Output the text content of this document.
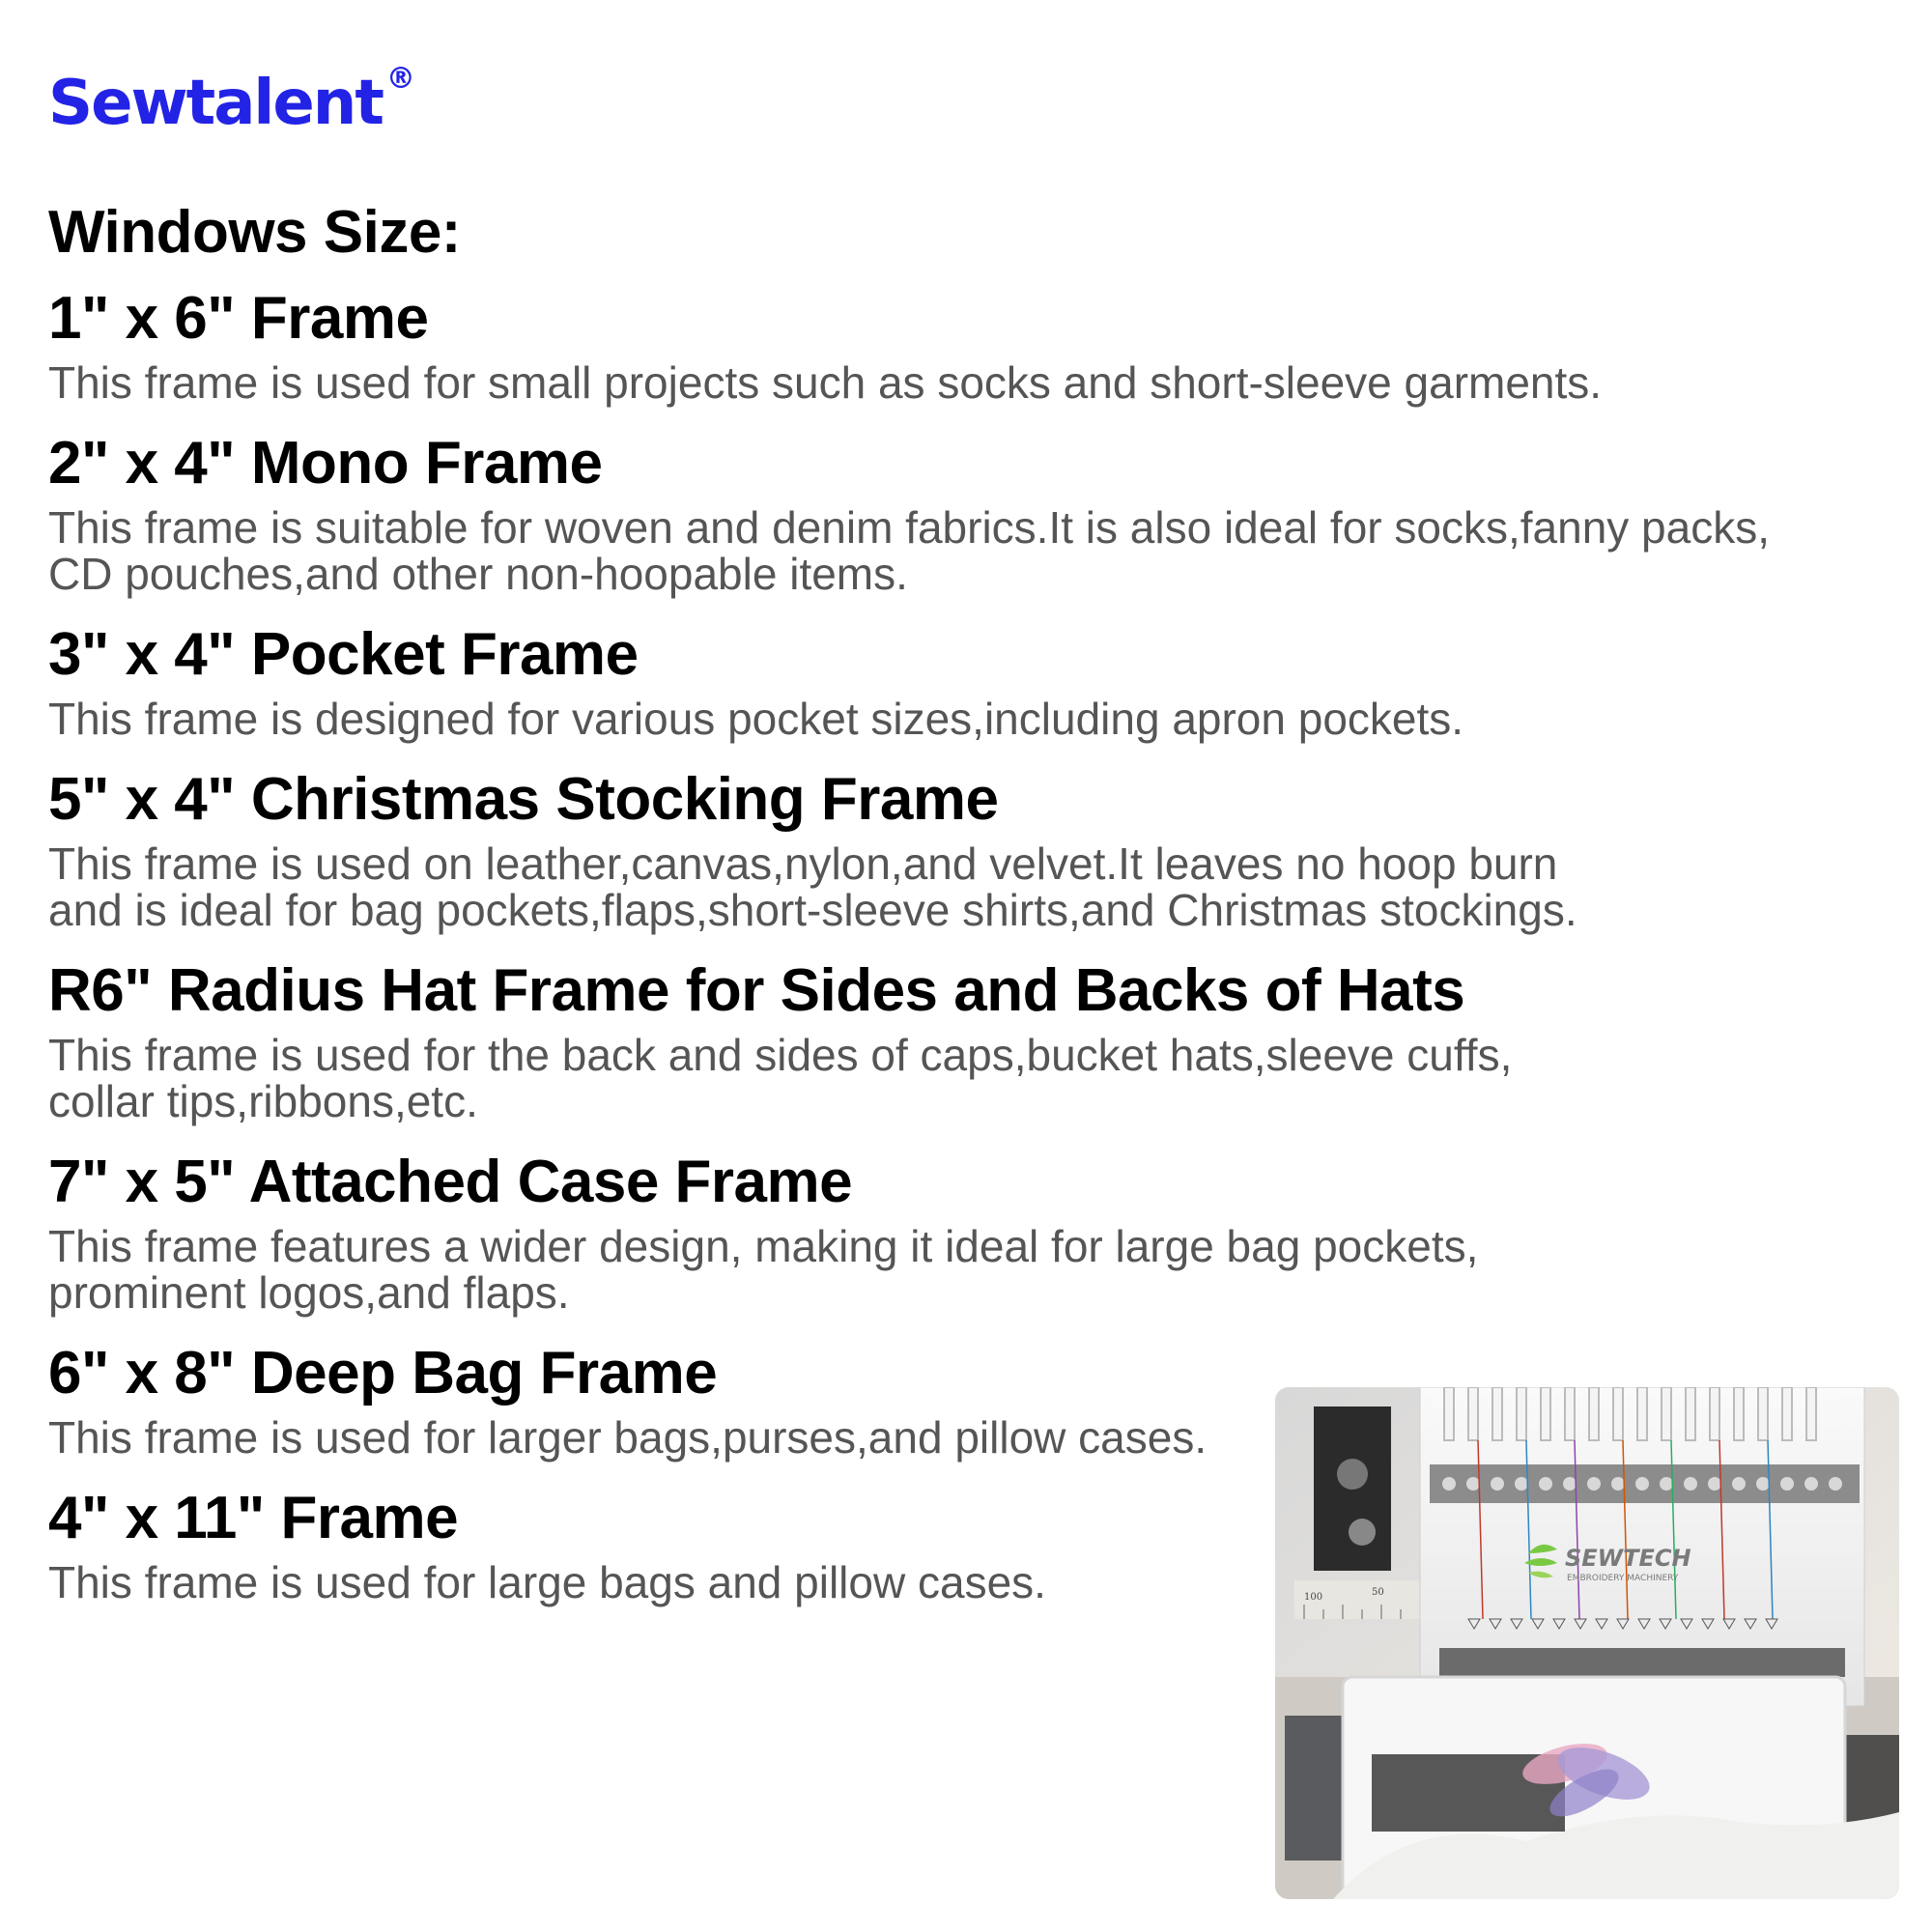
Sewtalent ®
Windows Size:
1" x 6" Frame
This frame is used for small projects such as socks and short-sleeve garments.
2" x 4" Mono Frame
This frame is suitable for woven and denim fabrics.It is also ideal for socks,fanny packs,
CD pouches,and other non-hoopable items.
3" x 4" Pocket Frame
This frame is designed for various pocket sizes,including apron pockets.
5" x 4" Christmas Stocking Frame
This frame is used on leather,canvas,nylon,and velvet.It leaves no hoop burn
and is ideal for bag pockets,flaps,short-sleeve shirts,and Christmas stockings.
R6" Radius Hat Frame for Sides and Backs of Hats
This frame is used for the back and sides of caps,bucket hats,sleeve cuffs,
collar tips,ribbons,etc.
7" x 5" Attached Case Frame
This frame features a wider design, making it ideal for large bag pockets,
prominent logos,and flaps.
6" x 8" Deep Bag Frame
This frame is used for larger bags,purses,and pillow cases.
4" x 11" Frame
This frame is used for large bags and pillow cases.	100	50
SEWTECH
EMBROIDERY MACHINERY
